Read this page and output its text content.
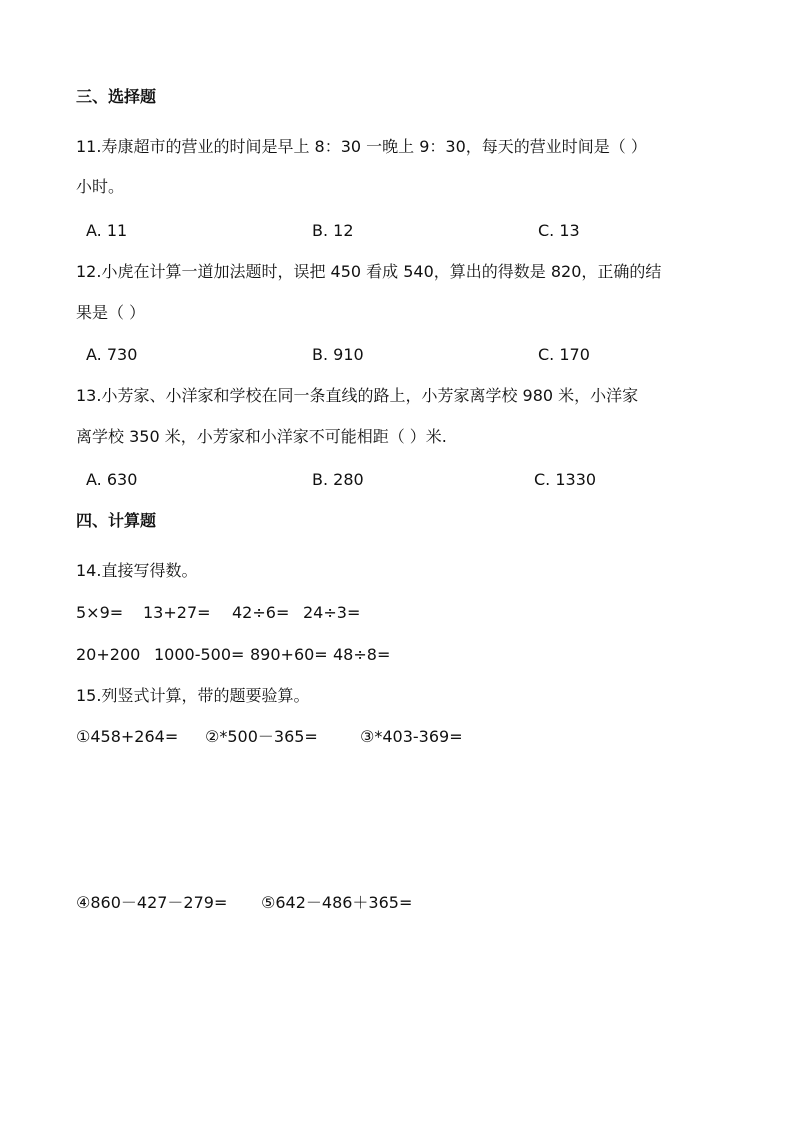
三、选择题
11.寿康超市的营业的时间是早上 8：30 一晚上 9：30，每天的营业时间是（ ）
小时。
A. 11	B. 12	C. 13
12.小虎在计算一道加法题时，误把 450 看成 540，算出的得数是 820，正确的结
果是（ ）
A. 730	B. 910	C. 170
13.小芳家、小洋家和学校在同一条直线的路上，小芳家离学校 980 米，小洋家
离学校 350 米，小芳家和小洋家不可能相距（ ）米.
A. 630	B. 280	C. 1330
四、计算题
14.直接写得数。
5×9= 13+27= 42÷6= 24÷3=
20+200 1000-500= 890+60= 48÷8=
15.列竖式计算，带的题要验算。
①458+264= ②*500－365=	③*403-369=
④860－427－279= ⑤642－486＋365=
